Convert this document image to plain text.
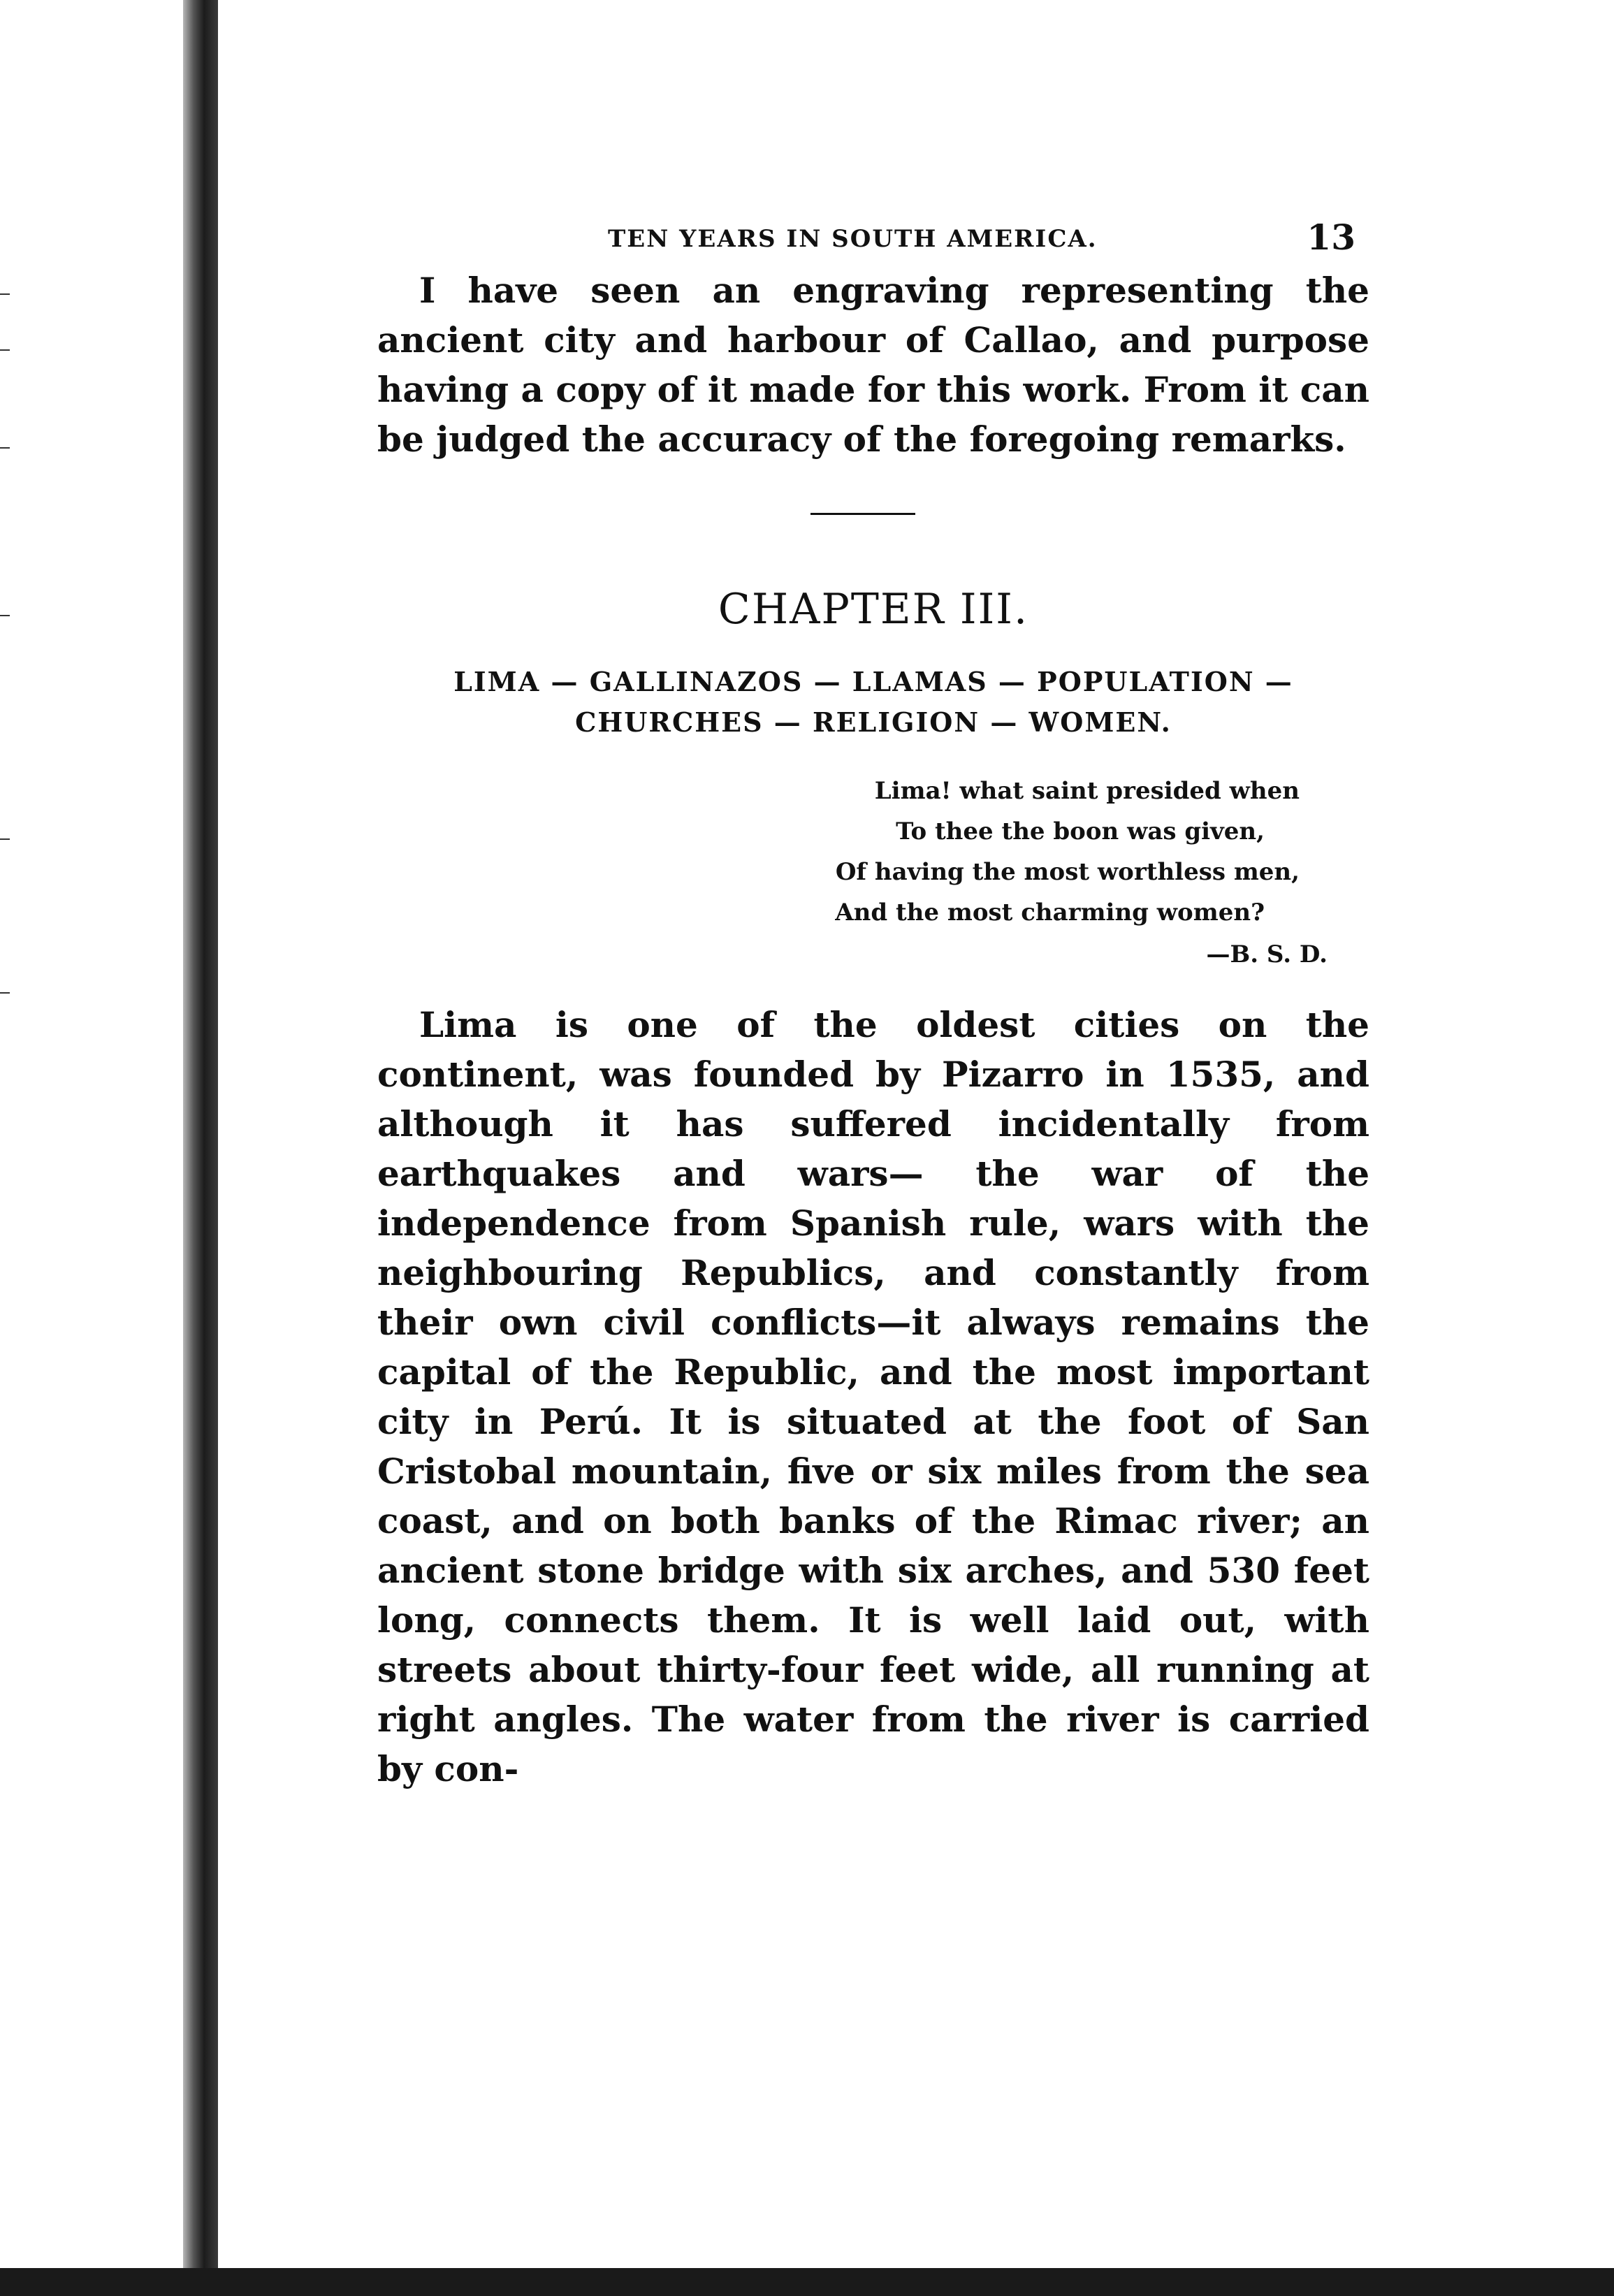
TEN YEARS IN SOUTH AMERICA.	13

I have seen an engraving representing the ancient city and harbour of Callao, and purpose having a copy of it made for this work. From it can be judged the accuracy of the foregoing remarks.

CHAPTER III.
LIMA — GALLINAZOS — LLAMAS — POPULATION —
CHURCHES — RELIGION — WOMEN.
Lima! what saint presided when
To thee the boon was given,
Of having the most worthless men,
And the most charming women?
—B. S. D.

Lima is one of the oldest cities on the continent, was founded by Pizarro in 1535, and although it has suffered incidentally from earthquakes and wars— the war of the independence from Spanish rule, wars with the neighbouring Republics, and constantly from their own civil conflicts—it always remains the capital of the Republic, and the most important city in Perú. It is situated at the foot of San Cristobal mountain, five or six miles from the sea coast, and on both banks of the Rimac river; an ancient stone bridge with six arches, and 530 feet long, connects them. It is well laid out, with streets about thirty-four feet wide, all running at right angles. The water from the river is carried by con-
